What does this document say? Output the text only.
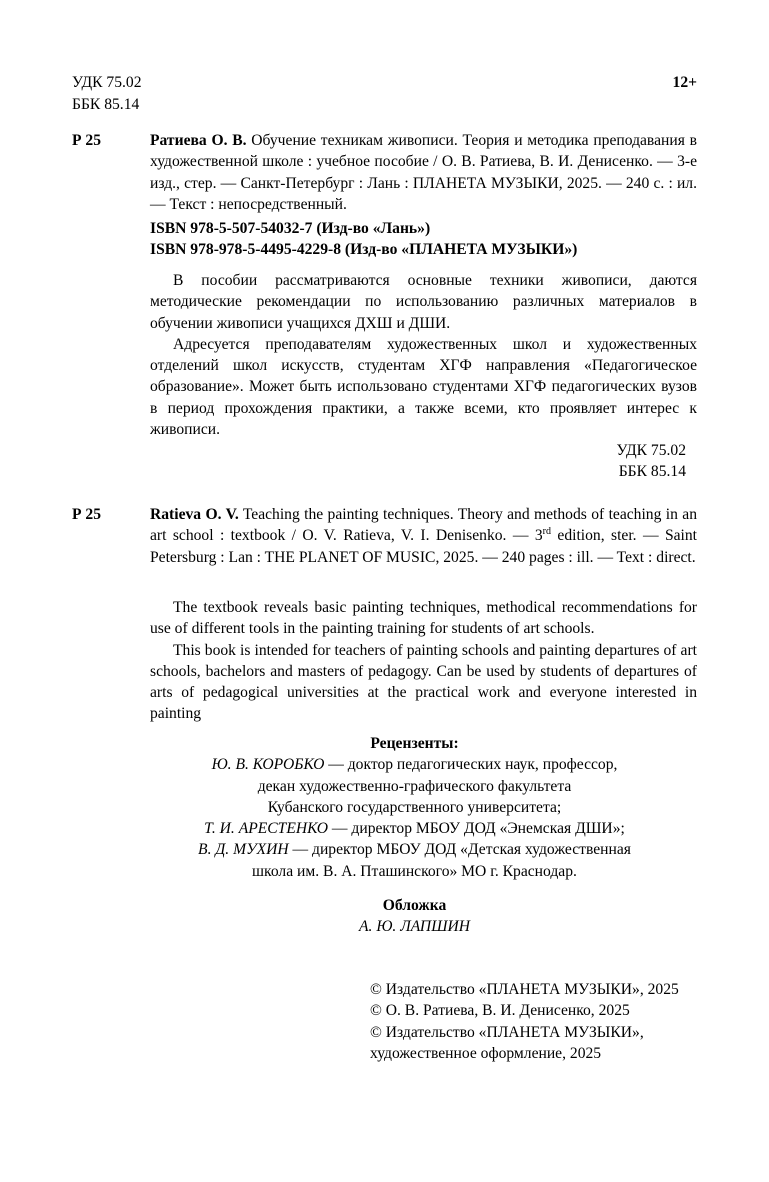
УДК 75.02
ББК 85.14
12+
Р 25	Ратиева О. В. Обучение техникам живописи. Теория и методика преподавания в художественной школе : учебное пособие / О. В. Ратиева, В. И. Денисенко. — 3-е изд., стер. — Санкт-Петербург : Лань : ПЛАНЕТА МУЗЫКИ, 2025. — 240 с. : ил. — Текст : непосредственный.
ISBN 978-5-507-54032-7 (Изд-во «Лань»)
ISBN 978-978-5-4495-4229-8 (Изд-во «ПЛАНЕТА МУЗЫКИ»)

В пособии рассматриваются основные техники живописи, даются методические рекомендации по использованию различных материалов в обучении живописи учащихся ДХШ и ДШИ.

Адресуется преподавателям художественных школ и художественных отделений школ искусств, студентам ХГФ направления «Педагогическое образование». Может быть использовано студентами ХГФ педагогических вузов в период прохождения практики, а также всеми, кто проявляет интерес к живописи.

УДК 75.02
ББК 85.14
Р 25	Ratieva O. V. Teaching the painting techniques. Theory and methods of teaching in an art school : textbook / O. V. Ratieva, V. I. Denisenko. — 3rd edition, ster. — Saint Petersburg : Lan : THE PLANET OF MUSIC, 2025. — 240 pages : ill. — Text : direct.

The textbook reveals basic painting techniques, methodical recommendations for use of different tools in the painting training for students of art schools.

This book is intended for teachers of painting schools and painting departures of art schools, bachelors and masters of pedagogy. Can be used by students of departures of arts of pedagogical universities at the practical work and everyone interested in painting

Рецензенты:
Ю. В. КОРОБКО — доктор педагогических наук, профессор,
декан художественно-графического факультета
Кубанского государственного университета;
Т. И. АРЕСТЕНКО — директор МБОУ ДОД «Энемская ДШИ»;
В. Д. МУХИН — директор МБОУ ДОД «Детская художественная
школа им. В. А. Пташинского» МО г. Краснодар.
Обложка
А. Ю. ЛАПШИН
© Издательство «ПЛАНЕТА МУЗЫКИ», 2025
© О. В. Ратиева, В. И. Денисенко, 2025
© Издательство «ПЛАНЕТА МУЗЫКИ»,
художественное оформление, 2025
